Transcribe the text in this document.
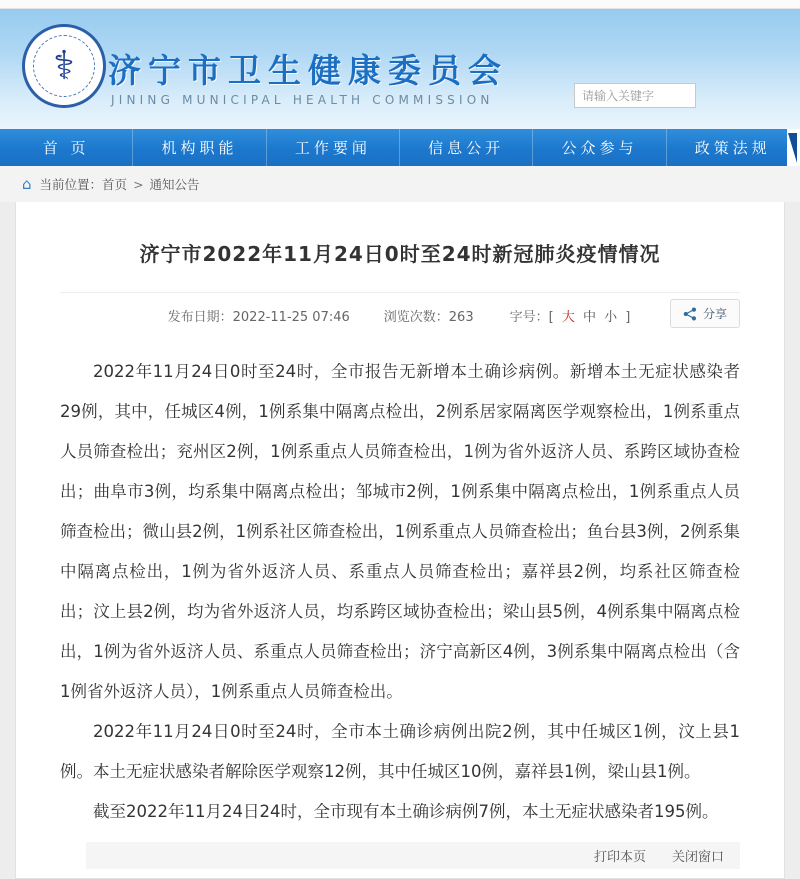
⚕	济宁市卫生健康委员会
JINING MUNICIPAL HEALTH COMMISSION
请输入关键字
首 页	机构职能	工作要闻	信息公开	公众参与	政策法规
⌂ 当前位置： 首页 > 通知公告
济宁市2022年11月24日0时至24时新冠肺炎疫情情况
发布日期：2022-11-25 07:46	浏览次数：263	字号：[ 大 中 小 ]	分享

2022年11月24日0时至24时，全市报告无新增本土确诊病例。新增本土无症状感染者29例，其中，任城区4例，1例系集中隔离点检出，2例系居家隔离医学观察检出，1例系重点人员筛查检出；兖州区2例，1例系重点人员筛查检出，1例为省外返济人员、系跨区域协查检出；曲阜市3例，均系集中隔离点检出；邹城市2例，1例系集中隔离点检出，1例系重点人员筛查检出；微山县2例，1例系社区筛查检出，1例系重点人员筛查检出；鱼台县3例，2例系集中隔离点检出，1例为省外返济人员、系重点人员筛查检出；嘉祥县2例，均系社区筛查检出；汶上县2例，均为省外返济人员，均系跨区域协查检出；梁山县5例，4例系集中隔离点检出，1例为省外返济人员、系重点人员筛查检出；济宁高新区4例，3例系集中隔离点检出（含1例省外返济人员），1例系重点人员筛查检出。

2022年11月24日0时至24时，全市本土确诊病例出院2例，其中任城区1例，汶上县1例。本土无症状感染者解除医学观察12例，其中任城区10例，嘉祥县1例，梁山县1例。

截至2022年11月24日24时，全市现有本土确诊病例7例，本土无症状感染者195例。

打印本页 关闭窗口
